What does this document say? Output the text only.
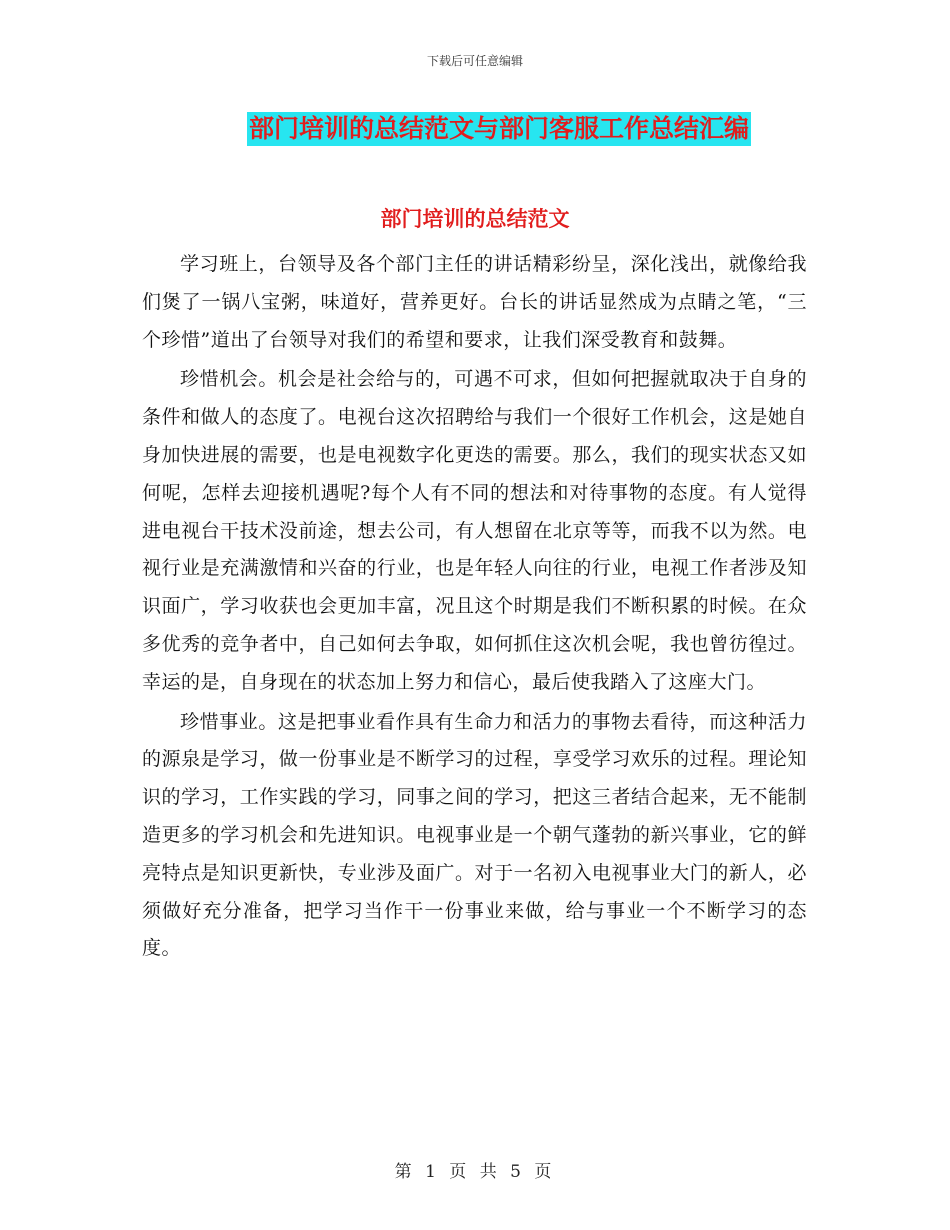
下载后可任意编辑
部门培训的总结范文与部门客服工作总结汇编
部门培训的总结范文

学习班上，台领导及各个部门主任的讲话精彩纷呈，深化浅出，就像给我们煲了一锅八宝粥，味道好，营养更好。台长的讲话显然成为点睛之笔，“三个珍惜”道出了台领导对我们的希望和要求，让我们深受教育和鼓舞。

珍惜机会。机会是社会给与的，可遇不可求，但如何把握就取决于自身的条件和做人的态度了。电视台这次招聘给与我们一个很好工作机会，这是她自身加快进展的需要，也是电视数字化更迭的需要。那么，我们的现实状态又如何呢，怎样去迎接机遇呢?每个人有不同的想法和对待事物的态度。有人觉得进电视台干技术没前途，想去公司，有人想留在北京等等，而我不以为然。电视行业是充满激情和兴奋的行业，也是年轻人向往的行业，电视工作者涉及知识面广，学习收获也会更加丰富，况且这个时期是我们不断积累的时候。在众多优秀的竞争者中，自己如何去争取，如何抓住这次机会呢，我也曾彷徨过。幸运的是，自身现在的状态加上努力和信心，最后使我踏入了这座大门。

珍惜事业。这是把事业看作具有生命力和活力的事物去看待，而这种活力的源泉是学习，做一份事业是不断学习的过程，享受学习欢乐的过程。理论知识的学习，工作实践的学习，同事之间的学习，把这三者结合起来，无不能制造更多的学习机会和先进知识。电视事业是一个朝气蓬勃的新兴事业，它的鲜亮特点是知识更新快，专业涉及面广。对于一名初入电视事业大门的新人，必须做好充分准备，把学习当作干一份事业来做，给与事业一个不断学习的态度。

第 1 页 共 5 页
